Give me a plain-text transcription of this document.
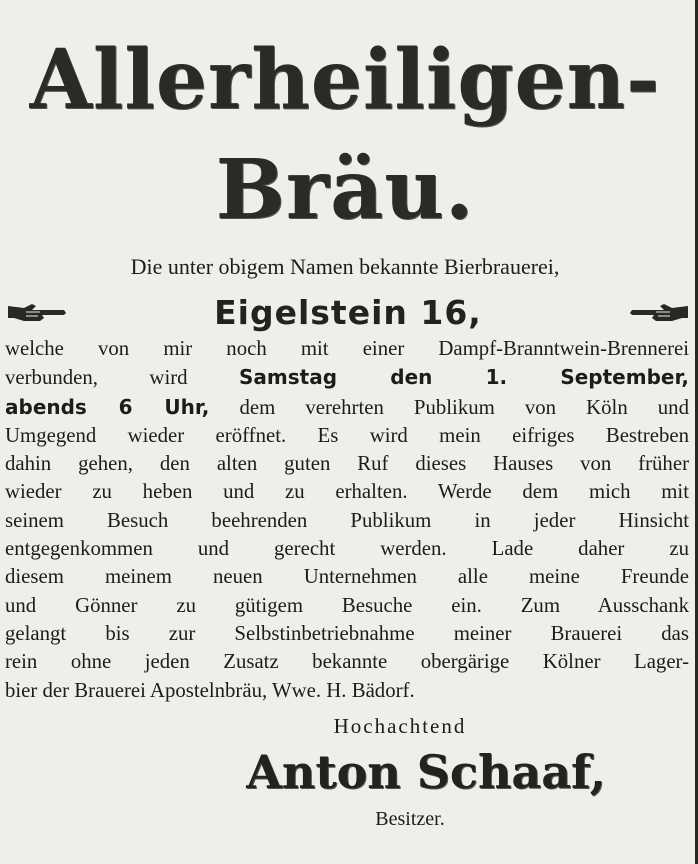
Allerheiligen-
Bräu.
Die unter obigem Namen bekannte Bierbrauerei,
Eigelstein 16,
welche von mir noch mit einer Dampf-Branntwein-Brennerei
verbunden, wird Samstag den 1. September,
abends 6 Uhr, dem verehrten Publikum von Köln und
Umgegend wieder eröffnet. Es wird mein eifriges Bestreben
dahin gehen, den alten guten Ruf dieses Hauses von früher
wieder zu heben und zu erhalten. Werde dem mich mit
seinem Besuch beehrenden Publikum in jeder Hinsicht
entgegenkommen und gerecht werden. Lade daher zu
diesem meinem neuen Unternehmen alle meine Freunde
und Gönner zu gütigem Besuche ein. Zum Ausschank
gelangt bis zur Selbstinbetriebnahme meiner Brauerei das
rein ohne jeden Zusatz bekannte obergärige Kölner Lager-
bier der Brauerei Apostelnbräu, Wwe. H. Bädorf.
Hochachtend
Anton Schaaf,
Besitzer.
